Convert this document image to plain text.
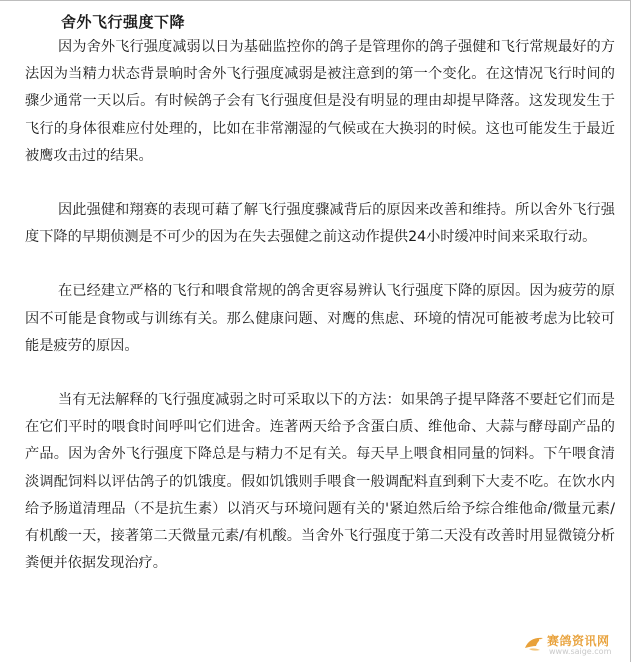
舍外飞行强度下降

因为舍外飞行强度减弱以日为基础监控你的鸽子是管理你的鸽子强健和飞行常规最好的方法因为当精力状态背景晌时舍外飞行强度减弱是被注意到的第一个变化。在这情况飞行时间的骤少通常一天以后。有时候鸽子会有飞行强度但是没有明显的理由却提早降落。这发现发生于飞行的身体很难应付处理的，比如在非常潮湿的气候或在大换羽的时候。这也可能发生于最近被鹰攻击过的结果。

因此强健和翔赛的表现可藉了解飞行强度骤减背后的原因来改善和维持。所以舍外飞行强度下降的早期侦测是不可少的因为在失去强健之前这动作提供24小时缓冲时间来采取行动。

在已经建立严格的飞行和喂食常规的鸽舍更容易辨认飞行强度下降的原因。因为疲劳的原因不可能是食物或与训练有关。那么健康问题、对鹰的焦虑、环境的情况可能被考虑为比较可能是疲劳的原因。

当有无法解释的飞行强度减弱之时可采取以下的方法：如果鸽子提早降落不要赶它们而是在它们平时的喂食时间呼叫它们进舍。连著两天给予含蛋白质、维他命、大蒜与酵母副产品的产品。因为舍外飞行强度下降总是与精力不足有关。每天早上喂食相同量的饲料。下午喂食清淡调配饲料以评估鸽子的饥饿度。假如饥饿则手喂食一般调配料直到剩下大麦不吃。在饮水内给予肠道清理品（不是抗生素）以消灭与环境问题有关的'紧迫然后给予综合维他命/微量元素/有机酸一天，接著第二天微量元素/有机酸。当舍外飞行强度于第二天没有改善时用显微镜分析粪便并依据发现治疗。

赛鸽资讯网
www.saige.com
